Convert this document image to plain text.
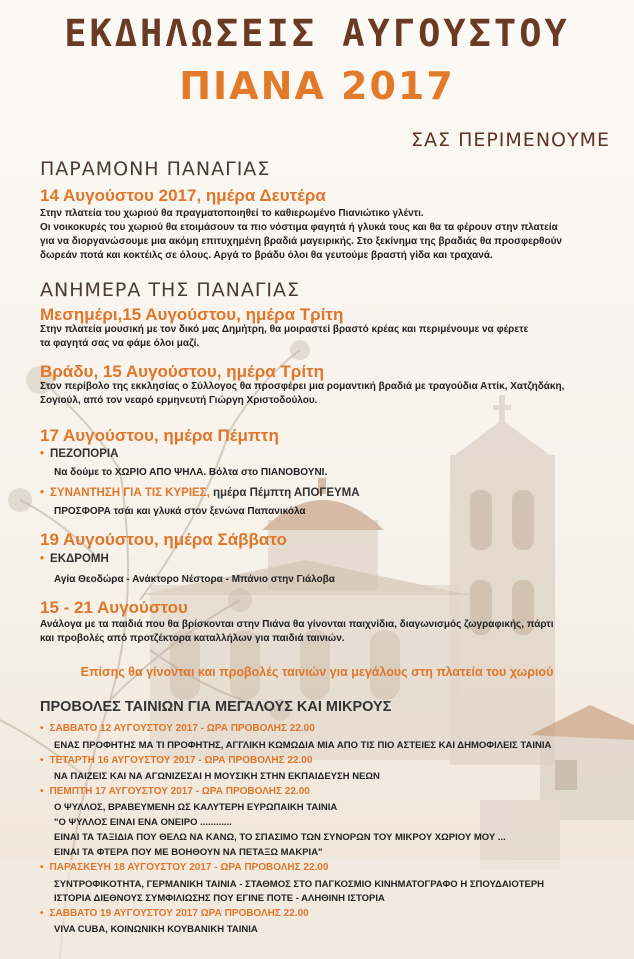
ΕΚΔΗΛΩΣΕΙΣ ΑΥΓΟΥΣΤΟΥ
ΠΙΑΝΑ 2017
ΣΑΣ ΠΕΡΙΜΕΝΟΥΜΕ
ΠΑΡΑΜΟΝΗ ΠΑΝΑΓΙΑΣ
14 Αυγούστου 2017, ημέρα Δευτέρα
Στην πλατεία του χωριού θα πραγματοποιηθεί το καθιερωμένο Πιανιώτικο γλέντι.
Οι νοικοκυρές του χωριού θα ετοιμάσουν τα πιο νόστιμα φαγητά ή γλυκά τους και θα τα φέρουν στην πλατεία
για να διοργανώσουμε μια ακόμη επιτυχημένη βραδιά μαγειρικής. Στο ξεκίνημα της βραδιάς θα προσφερθούν
δωρεάν ποτά και κοκτέιλς σε όλους. Αργά το βράδυ όλοι θα γευτούμε βραστή γίδα και τραχανά.
ΑΝΗΜΕΡΑ ΤΗΣ ΠΑΝΑΓΙΑΣ
Μεσημέρι,15 Αυγούστου, ημέρα Τρίτη
Στην πλατεία μουσική με τον δικό μας Δημήτρη, θα μοιραστεί βραστό κρέας και περιμένουμε να φέρετε
τα φαγητά σας να φάμε όλοι μαζί.
Βράδυ, 15 Αυγούστου, ημέρα Τρίτη
Στον περίβολο της εκκλησίας ο Σύλλογος θα προσφέρει μια ρομαντική βραδιά με τραγούδια Αττίκ, Χατζηδάκη,
Σογιούλ, από τον νεαρό ερμηνευτή Γιώργη Χριστοδούλου.
17 Αυγούστου, ημέρα Πέμπτη
• ΠΕΖΟΠΟΡΙΑ
Να δούμε το ΧΩΡΙΟ ΑΠΟ ΨΗΛΑ. Βόλτα στο ΠΙΑΝΟΒΟΥΝΙ.
• ΣΥΝΑΝΤΗΣΗ ΓΙΑ ΤΙΣ ΚΥΡΙΕΣ, ημέρα Πέμπτη ΑΠΟΓΕΥΜΑ
ΠΡΟΣΦΟΡΑ τσάι και γλυκά στον ξενώνα Παπανικόλα
19 Αυγούστου, ημέρα Σάββατο
• ΕΚΔΡΟΜΗ
Αγία Θεοδώρα - Ανάκτορο Νέστορα - Μπάνιο στην Γιάλοβα
15 - 21 Αυγούστου
Ανάλογα με τα παιδιά που θα βρίσκονται στην Πιάνα θα γίνονται παιχνίδια, διαγωνισμός ζωγραφικής, πάρτι
και προβολές από προτζέκτορα καταλλήλων για παιδιά ταινιών.
Επίσης θα γίνονται και προβολές ταινιών για μεγάλους στη πλατεία του χωριού
ΠΡΟΒΟΛΕΣ ΤΑΙΝΙΩΝ ΓΙΑ ΜΕΓΑΛΟΥΣ ΚΑΙ ΜΙΚΡΟΥΣ
• ΣΑΒΒΑΤΟ 12 ΑΥΓΟΥΣΤΟΥ 2017 - ΩΡΑ ΠΡΟΒΟΛΗΣ 22.00
ΕΝΑΣ ΠΡΟΦΗΤΗΣ ΜΑ ΤΙ ΠΡΟΦΗΤΗΣ, ΑΓΓΛΙΚΗ ΚΩΜΩΔΙΑ ΜΙΑ ΑΠΟ ΤΙΣ ΠΙΟ ΑΣΤΕΙΕΣ ΚΑΙ ΔΗΜΟΦΙΛΕΙΣ ΤΑΙΝΙΑ
• ΤΕΤΑΡΤΗ 16 ΑΥΓΟΥΣΤΟΥ 2017 - ΩΡΑ ΠΡΟΒΟΛΗΣ 22.00
ΝΑ ΠΑΙΖΕΙΣ ΚΑΙ ΝΑ ΑΓΩΝΙΖΕΣΑΙ Η ΜΟΥΣΙΚΗ ΣΤΗΝ ΕΚΠΑΙΔΕΥΣΗ ΝΕΩΝ
• ΠΕΜΠΤΗ 17 ΑΥΓΟΥΣΤΟΥ 2017 - ΩΡΑ ΠΡΟΒΟΛΗΣ 22.00
Ο ΨΥΛΛΟΣ, ΒΡΑΒΕΥΜΕΝΗ ΩΣ ΚΑΛΥΤΕΡΗ ΕΥΡΩΠΑΙΚΗ ΤΑΙΝΙΑ
"Ο ΨΥΛΛΟΣ ΕΙΝΑΙ ΕΝΑ ΟΝΕΙΡΟ ............
ΕΙΝΑΙ ΤΑ ΤΑΞΙΔΙΑ ΠΟΥ ΘΕΛΩ ΝΑ ΚΑΝΩ, ΤΟ ΣΠΑΣΙΜΟ ΤΩΝ ΣΥΝΟΡΩΝ ΤΟΥ ΜΙΚΡΟΥ ΧΩΡΙΟΥ ΜΟΥ ...
ΕΙΝΑΙ ΤΑ ΦΤΕΡΑ ΠΟΥ ΜΕ ΒΟΗΘΟΥΝ ΝΑ ΠΕΤΑΞΩ ΜΑΚΡΙΑ"
• ΠΑΡΑΣΚΕΥΗ 18 ΑΥΓΟΥΣΤΟΥ 2017 - ΩΡΑ ΠΡΟΒΟΛΗΣ 22.00
ΣΥΝΤΡΟΦΙΚΟΤΗΤΑ, ΓΕΡΜΑΝΙΚΗ ΤΑΙΝΙΑ - ΣΤΑΘΜΟΣ ΣΤΟ ΠΑΓΚΟΣΜΙΟ ΚΙΝΗΜΑΤΟΓΡΑΦΟ Η ΣΠΟΥΔΑΙΟΤΕΡΗ
ΙΣΤΟΡΙΑ ΔΙΕΘΝΟΥΣ ΣΥΜΦΙΛΙΩΣΗΣ ΠΟΥ ΕΓΙΝΕ ΠΟΤΕ - ΑΛΗΘΙΝΗ ΙΣΤΟΡΙΑ
• ΣΑΒΒΑΤΟ 19 ΑΥΓΟΥΣΤΟΥ 2017 ΩΡΑ ΠΡΟΒΟΛΗΣ 22.00
VIVA CUBA, ΚΟΙΝΩΝΙΚΗ ΚΟΥΒΑΝΙΚΗ ΤΑΙΝΙΑ
